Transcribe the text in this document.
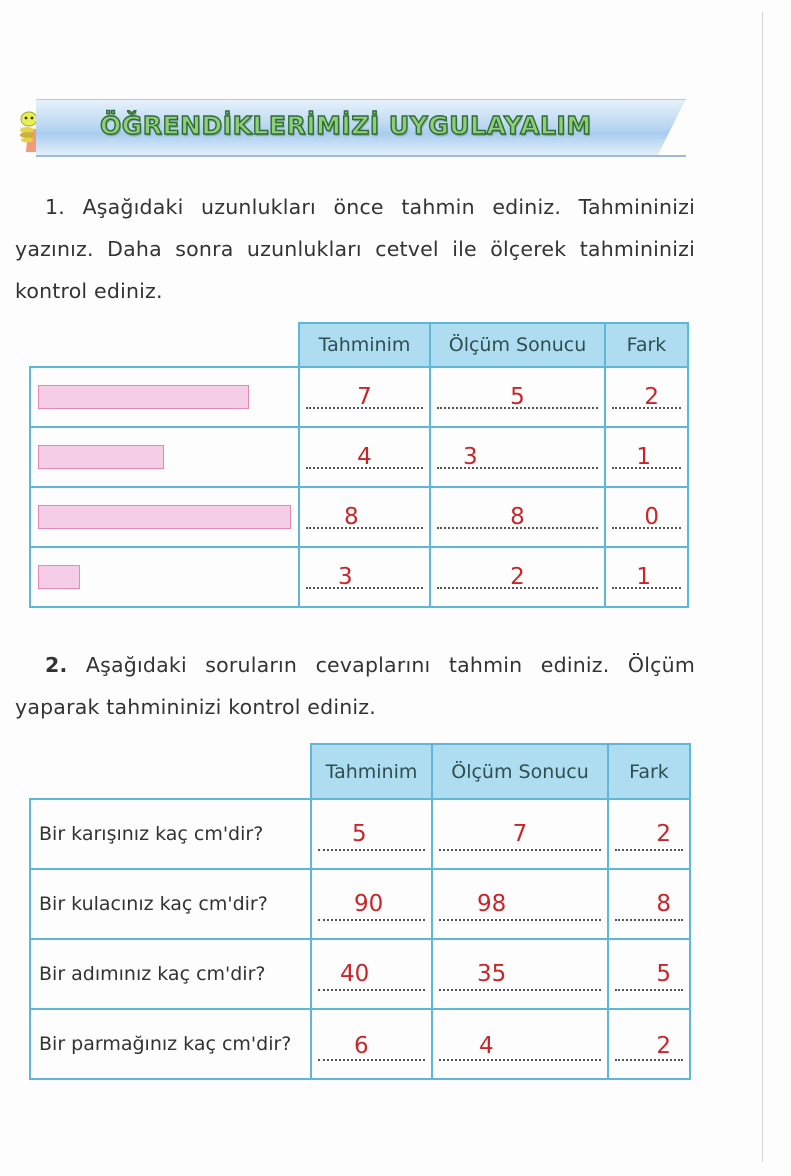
ÖĞRENDİKLERİMİZİ UYGULAYALIM
1. Aşağıdaki uzunlukları önce tahmin ediniz. Tahmininizi yazınız. Daha sonra uzunlukları cetvel ile ölçerek tahmininizi kontrol ediniz.
	Tahminim	Ölçüm Sonucu	Fark

	7	5	2

	4	3	1

	8	8	0

	3	2	1
2. Aşağıdaki soruların cevaplarını tahmin ediniz. Ölçüm yaparak tahmininizi kontrol ediniz.
	Tahminim	Ölçüm Sonucu	Fark
Bir karışınız kaç cm'dir?	5	7	2

Bir kulacınız kaç cm'dir?	90	98	8

Bir adımınız kaç cm'dir?	40	35	5

Bir parmağınız kaç cm'dir?	6	4	2
